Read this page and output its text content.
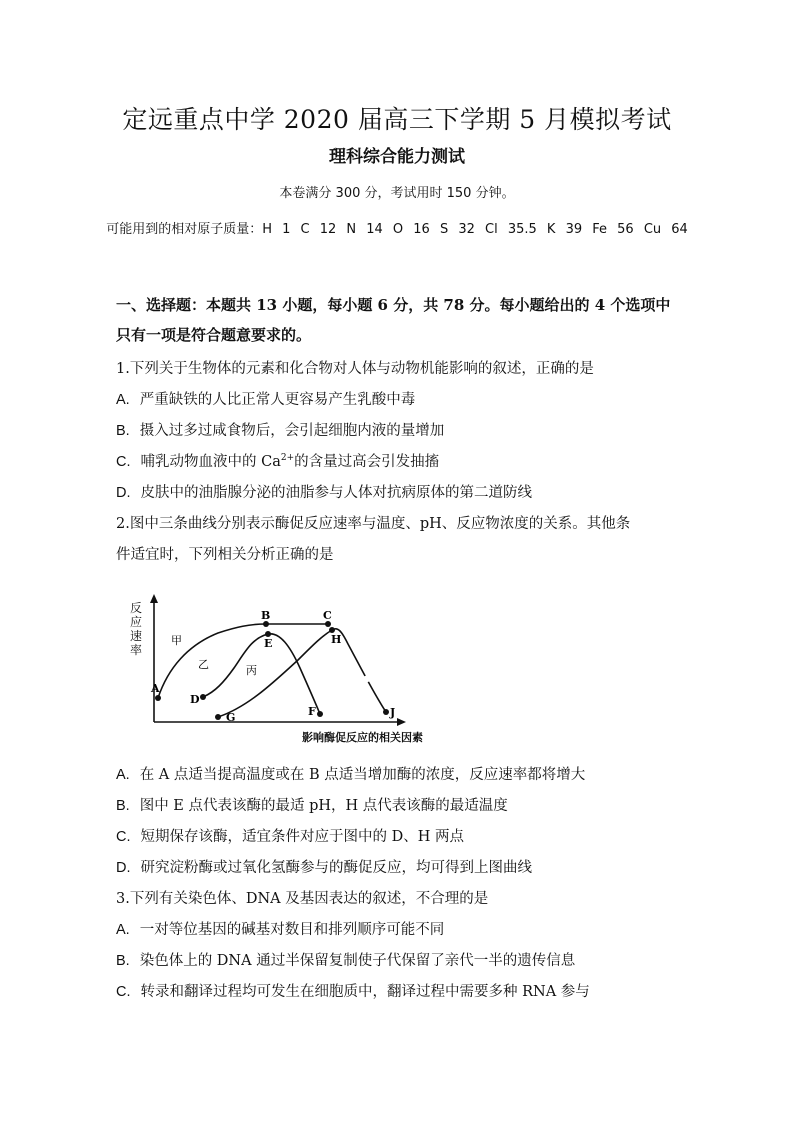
定远重点中学 2020 届高三下学期 5 月模拟考试
理科综合能力测试
本卷满分 300 分，考试用时 150 分钟。
可能用到的相对原子质量：H 1 C 12 N 14 O 16 S 32 Cl 35.5 K 39 Fe 56 Cu 64
一、选择题：本题共 13 小题，每小题 6 分，共 78 分。每小题给出的 4 个选项中
只有一项是符合题意要求的。
1.下列关于生物体的元素和化合物对人体与动物机能影响的叙述，正确的是
A. 严重缺铁的人比正常人更容易产生乳酸中毒
B. 摄入过多过咸食物后，会引起细胞内液的量增加
C. 哺乳动物血液中的 $Ca^{2+}$的含量过高会引发抽搐
D. 皮肤中的油脂腺分泌的油脂参与人体对抗病原体的第二道防线
2.图中三条曲线分别表示酶促反应速率与温度、pH、反应物浓度的关系。其他条
件适宜时，下列相关分析正确的是
反 应 速 率
影响酶促反应的相关因素
A
B	C
D
E
F
G
H
J
甲
乙	丙
A. 在 A 点适当提高温度或在 B 点适当增加酶的浓度，反应速率都将增大
B. 图中 E 点代表该酶的最适 pH，H 点代表该酶的最适温度
C. 短期保存该酶，适宜条件对应于图中的 D、H 两点
D. 研究淀粉酶或过氧化氢酶参与的酶促反应，均可得到上图曲线
3.下列有关染色体、DNA 及基因表达的叙述，不合理的是
A. 一对等位基因的碱基对数目和排列顺序可能不同
B. 染色体上的 DNA 通过半保留复制使子代保留了亲代一半的遗传信息
C. 转录和翻译过程均可发生在细胞质中，翻译过程中需要多种 RNA 参与
